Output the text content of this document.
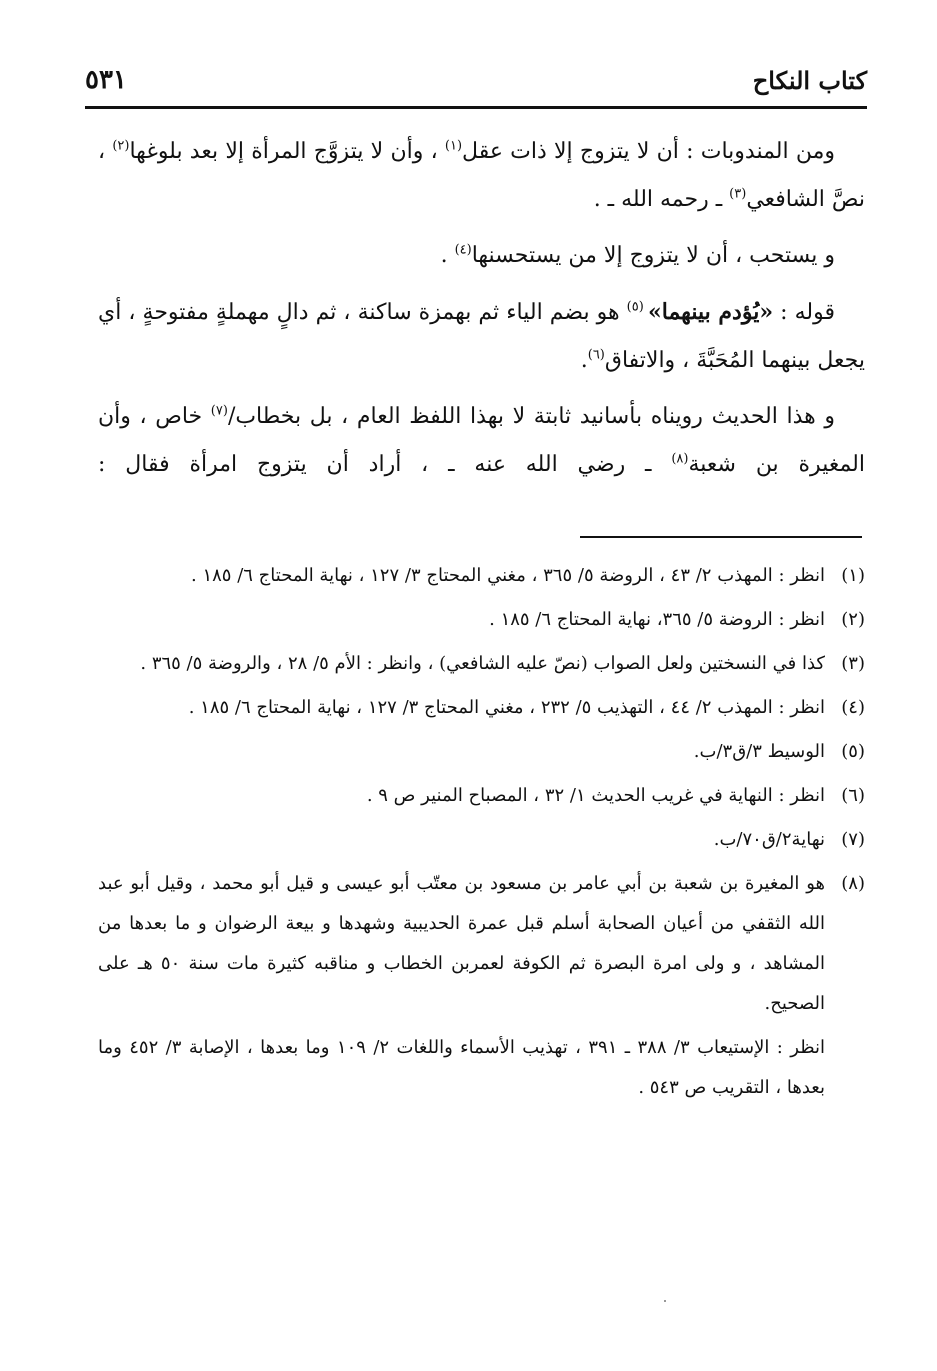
كتاب النكاح
٥٣١

ومن المندوبات : أن لا يتزوج إلا ذات عقل$^{(١)}$ ، وأن لا يتزوَّج المرأة إلا بعد بلوغها$^{(٢)}$ ، نصَّ الشافعي$^{(٣)}$ ـ رحمه الله ـ .

و يستحب ، أن لا يتزوج إلا من يستحسنها$^{(٤)}$ .

قوله : «يُؤدم بينهما» $^{(٥)}$ هو بضم الياء ثم بهمزة ساكنة ، ثم دالٍ مهملةٍ مفتوحةٍ ، أي يجعل بينهما المُحَبَّةَ ، والاتفاق$^{(٦)}$.

و هذا الحديث رويناه بأسانيد ثابتة لا بهذا اللفظ العام ، بل بخطاب/$^{(٧)}$ خاص ، وأن المغيرة بن شعبة$^{(٨)}$ ـ رضي الله عنه ـ ، أراد أن يتزوج امرأة فقال :

(١)
انظر : المهذب ٢/ ٤٣ ، الروضة ٥/ ٣٦٥ ، مغني المحتاج ٣/ ١٢٧ ، نهاية المحتاج ٦/ ١٨٥ .
(٢)
انظر : الروضة ٥/ ٣٦٥، نهاية المحتاج ٦/ ١٨٥ .
(٣)
كذا في النسختين ولعل الصواب (نصّ عليه الشافعي) ، وانظر : الأم ٥/ ٢٨ ، والروضة ٥/ ٣٦٥ .
(٤)
انظر : المهذب ٢/ ٤٤ ، التهذيب ٥/ ٢٣٢ ، مغني المحتاج ٣/ ١٢٧ ، نهاية المحتاج ٦/ ١٨٥ .
(٥)
الوسيط ٣/ق٣/ب.
(٦)
انظر : النهاية في غريب الحديث ١/ ٣٢ ، المصباح المنير ص ٩ .
(٧)
نهاية٢/ق٧٠/ب.
(٨)
هو المغيرة بن شعبة بن أبي عامر بن مسعود بن معتّب أبو عيسى و قيل أبو محمد ، وقيل أبو عبد الله الثقفي من أعيان الصحابة أسلم قبل عمرة الحديبية وشهدها و بيعة الرضوان و ما بعدها من المشاهد ، و ولى امرة البصرة ثم الكوفة لعمربن الخطاب و مناقبه كثيرة مات سنة ٥٠ هـ على الصحيح.

انظر : الإستيعاب ٣/ ٣٨٨ ـ ٣٩١ ، تهذيب الأسماء واللغات ٢/ ١٠٩ وما بعدها ، الإصابة ٣/ ٤٥٢ وما بعدها ، التقريب ص ٥٤٣ .
